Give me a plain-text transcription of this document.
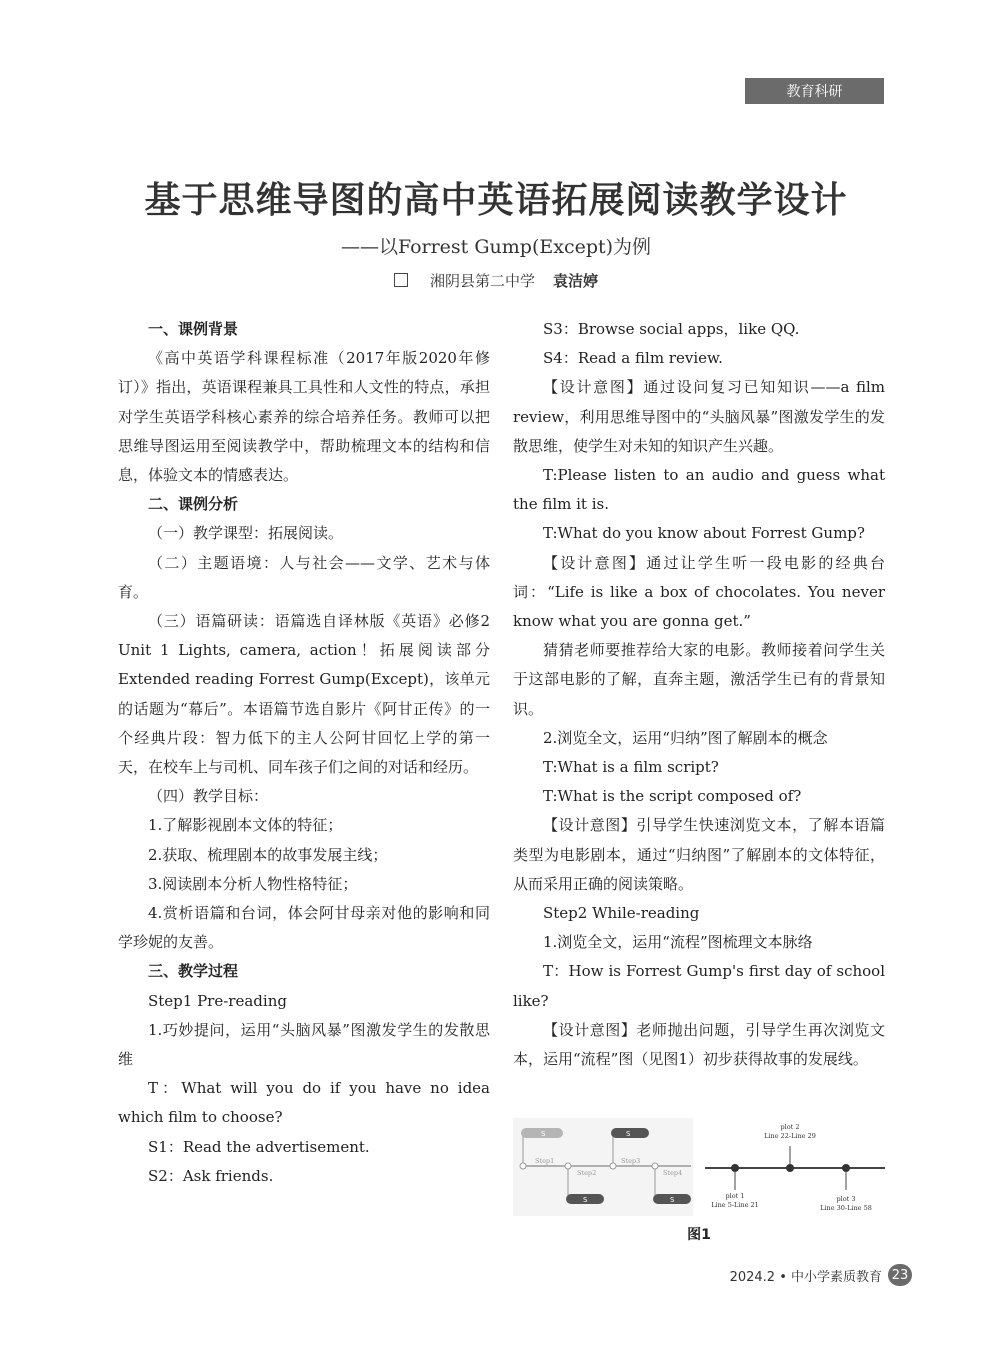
教育科研
基于思维导图的高中英语拓展阅读教学设计
——以Forrest Gump(Except)为例
湘阴县第二中学 袁洁婷

一、课例背景

《高中英语学科课程标准（2017年版2020年修订）》指出，英语课程兼具工具性和人文性的特点，承担对学生英语学科核心素养的综合培养任务。教师可以把思维导图运用至阅读教学中，帮助梳理文本的结构和信息，体验文本的情感表达。

二、课例分析

（一）教学课型：拓展阅读。

（二）主题语境：人与社会——文学、艺术与体育。

（三）语篇研读：语篇选自译林版《英语》必修2 Unit 1 Lights, camera, action！拓展阅读部分Extended reading Forrest Gump(Except)，该单元的话题为“幕后”。本语篇节选自影片《阿甘正传》的一个经典片段：智力低下的主人公阿甘回忆上学的第一天，在校车上与司机、同车孩子们之间的对话和经历。

（四）教学目标：

1.了解影视剧本文体的特征；

2.获取、梳理剧本的故事发展主线；

3.阅读剧本分析人物性格特征；

4.赏析语篇和台词，体会阿甘母亲对他的影响和同学珍妮的友善。

三、教学过程

Step1 Pre-reading

1.巧妙提问，运用“头脑风暴”图激发学生的发散思维

T：What will you do if you have no idea which film to choose?

S1：Read the advertisement.

S2：Ask friends.

S3：Browse social apps，like QQ.

S4：Read a film review.

【设计意图】通过设问复习已知知识——a film review，利用思维导图中的“头脑风暴”图激发学生的发散思维，使学生对未知的知识产生兴趣。

T:Please listen to an audio and guess what the film it is.

T:What do you know about Forrest Gump?

【设计意图】通过让学生听一段电影的经典台词：“Life is like a box of chocolates. You never know what you are gonna get.”

猜猜老师要推荐给大家的电影。教师接着问学生关于这部电影的了解，直奔主题，激活学生已有的背景知识。

2.浏览全文，运用“归纳”图了解剧本的概念

T:What is a film script?

T:What is the script composed of?

【设计意图】引导学生快速浏览文本，了解本语篇类型为电影剧本，通过“归纳图”了解剧本的文体特征，从而采用正确的阅读策略。

Step2 While-reading

1.浏览全文，运用“流程”图梳理文本脉络

T：How is Forrest Gump's first day of school like?

【设计意图】老师抛出问题，引导学生再次浏览文本，运用“流程”图（见图1）初步获得故事的发展线。

S	S
S	S
Step1
Step2
Step3
Step4
plot 1
Line 5-Line 21
plot 2
Line 22-Line 29
plot 3
Line 30-Line 58
图1
2024.2 • 中小学素质教育 23
